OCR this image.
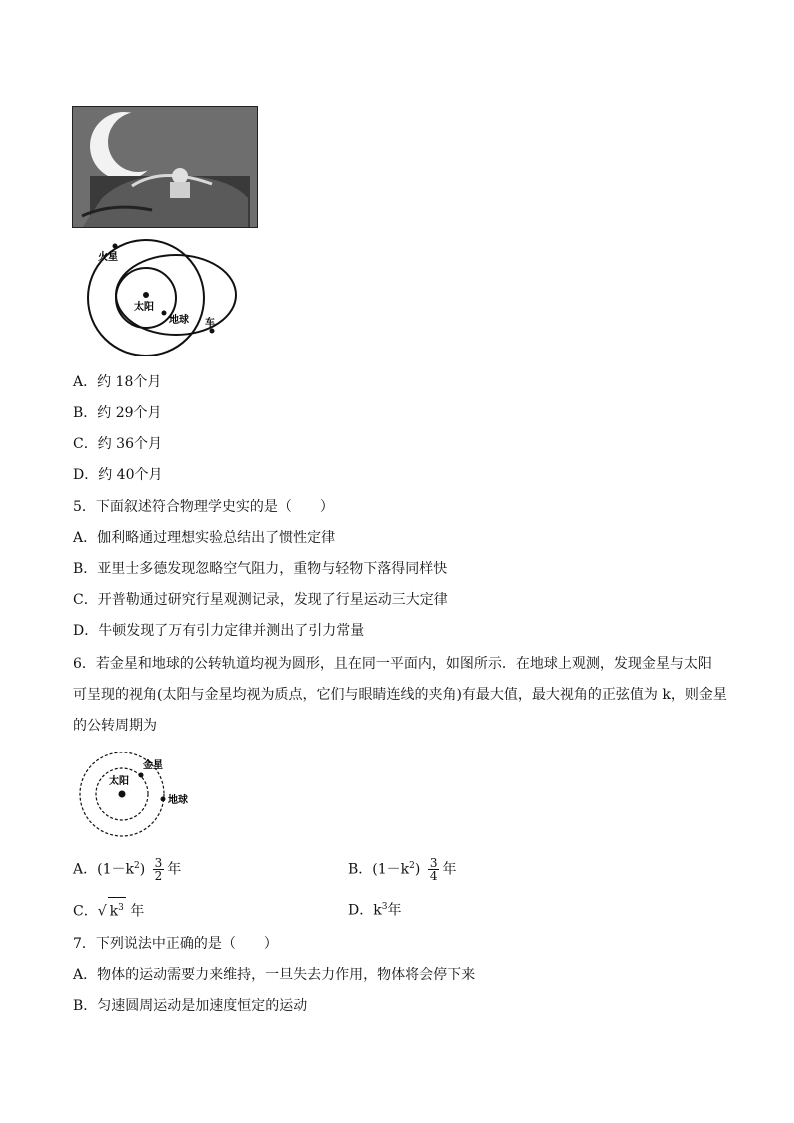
火星
太阳
地球 车
A．约 18个月
B．约 29个月
C．约 36个月
D．约 40个月
5．下面叙述符合物理学史实的是（　　）
A．伽利略通过理想实验总结出了惯性定律
B．亚里士多德发现忽略空气阻力，重物与轻物下落得同样快
C．开普勒通过研究行星观测记录，发现了行星运动三大定律
D．牛顿发现了万有引力定律并测出了引力常量
6．若金星和地球的公转轨道均视为圆形，且在同一平面内，如图所示．在地球上观测，发现金星与太阳
可呈现的视角(太阳与金星均视为质点，它们与眼睛连线的夹角)有最大值，最大视角的正弦值为 k，则金星
的公转周期为
太阳
金星
地球
A．$(1-k^2) \frac{3}{2}$ 年	B．$(1-k^2) \frac{3}{4}$ 年
C．√ $k^3$ 年	D．$k^3$年
7．下列说法中正确的是（　　）
A．物体的运动需要力来维持，一旦失去力作用，物体将会停下来
B．匀速圆周运动是加速度恒定的运动
